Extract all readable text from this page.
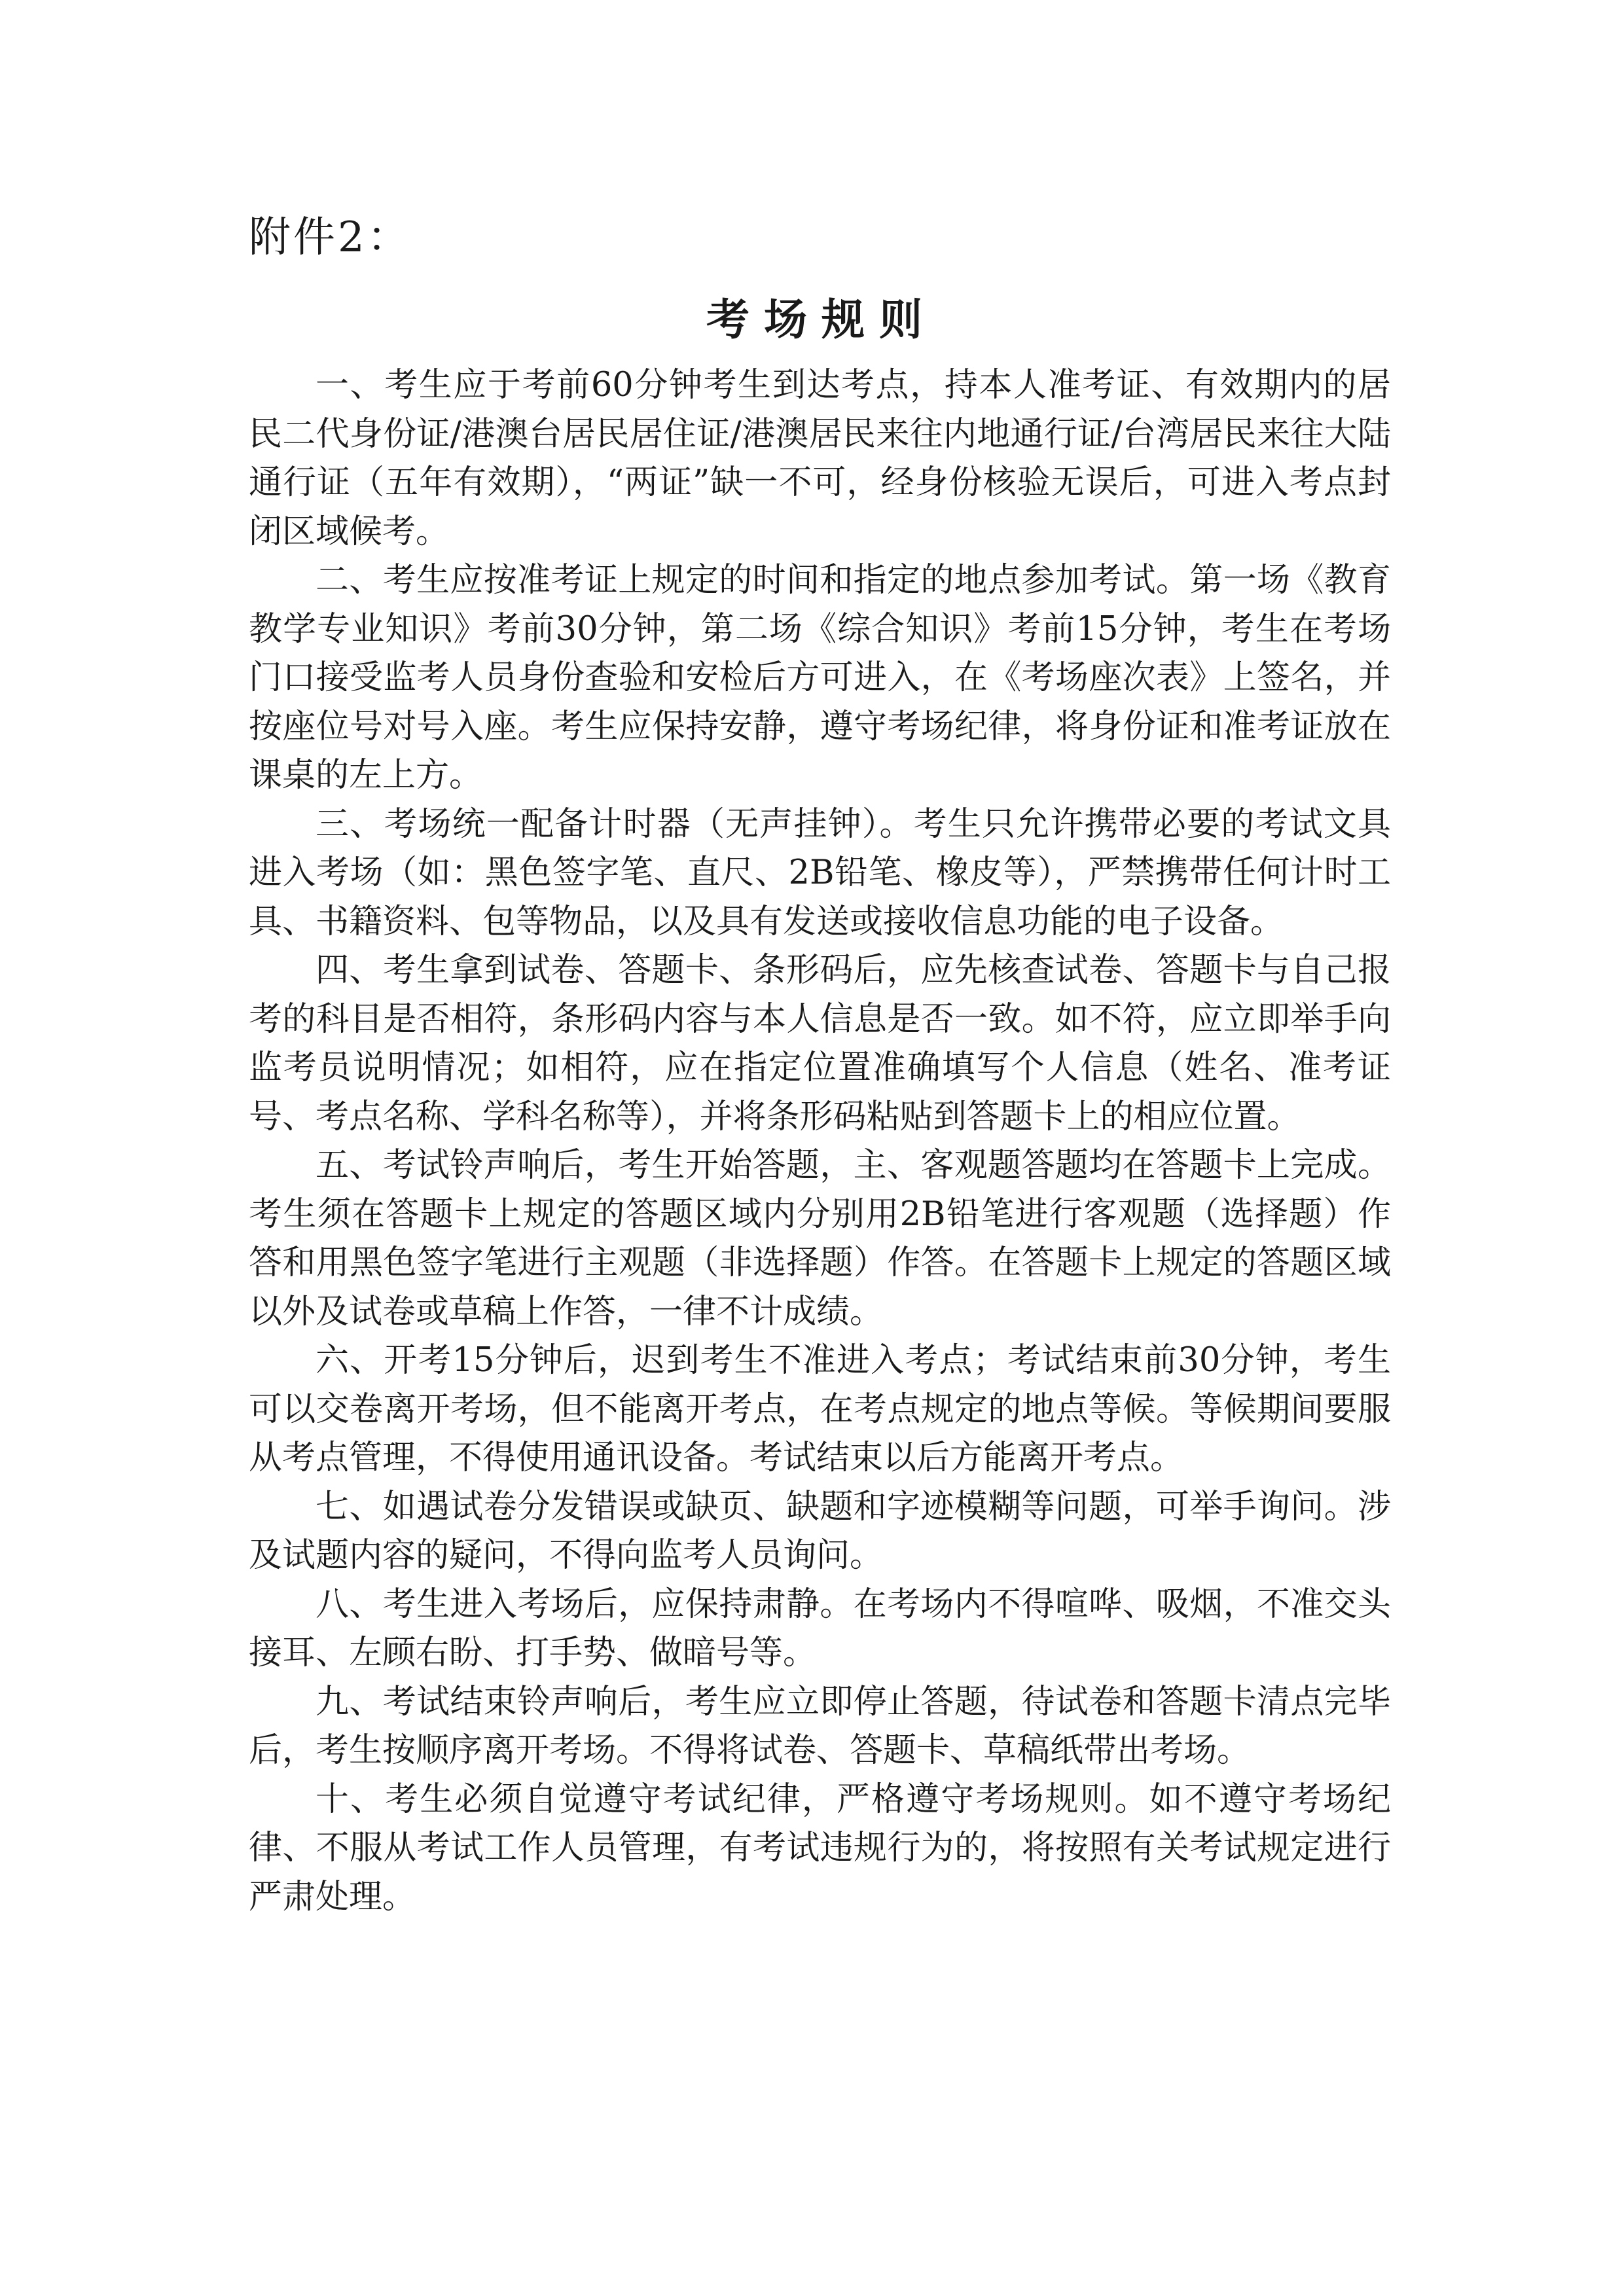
附件2：
考场规则

一、考生应于考前60分钟考生到达考点，持本人准考证、有效期内的居民二代身份证/港澳台居民居住证/港澳居民来往内地通行证/台湾居民来往大陆通行证（五年有效期），“两证”缺一不可，经身份核验无误后，可进入考点封闭区域候考。

二、考生应按准考证上规定的时间和指定的地点参加考试。第一场《教育教学专业知识》考前30分钟，第二场《综合知识》考前15分钟，考生在考场门口接受监考人员身份查验和安检后方可进入，在《考场座次表》上签名，并按座位号对号入座。考生应保持安静，遵守考场纪律，将身份证和准考证放在课桌的左上方。

三、考场统一配备计时器（无声挂钟）。考生只允许携带必要的考试文具进入考场（如：黑色签字笔、直尺、2B铅笔、橡皮等），严禁携带任何计时工具、书籍资料、包等物品，以及具有发送或接收信息功能的电子设备。

四、考生拿到试卷、答题卡、条形码后，应先核查试卷、答题卡与自己报考的科目是否相符，条形码内容与本人信息是否一致。如不符，应立即举手向监考员说明情况；如相符，应在指定位置准确填写个人信息（姓名、准考证号、考点名称、学科名称等），并将条形码粘贴到答题卡上的相应位置。

五、考试铃声响后，考生开始答题，主、客观题答题均在答题卡上完成。考生须在答题卡上规定的答题区域内分别用2B铅笔进行客观题（选择题）作答和用黑色签字笔进行主观题（非选择题）作答。在答题卡上规定的答题区域以外及试卷或草稿上作答，一律不计成绩。

六、开考15分钟后，迟到考生不准进入考点；考试结束前30分钟，考生可以交卷离开考场，但不能离开考点，在考点规定的地点等候。等候期间要服从考点管理，不得使用通讯设备。考试结束以后方能离开考点。

七、如遇试卷分发错误或缺页、缺题和字迹模糊等问题，可举手询问。涉及试题内容的疑问，不得向监考人员询问。

八、考生进入考场后，应保持肃静。在考场内不得喧哗、吸烟，不准交头接耳、左顾右盼、打手势、做暗号等。

九、考试结束铃声响后，考生应立即停止答题，待试卷和答题卡清点完毕后，考生按顺序离开考场。不得将试卷、答题卡、草稿纸带出考场。

十、考生必须自觉遵守考试纪律，严格遵守考场规则。如不遵守考场纪律、不服从考试工作人员管理，有考试违规行为的，将按照有关考试规定进行严肃处理。
